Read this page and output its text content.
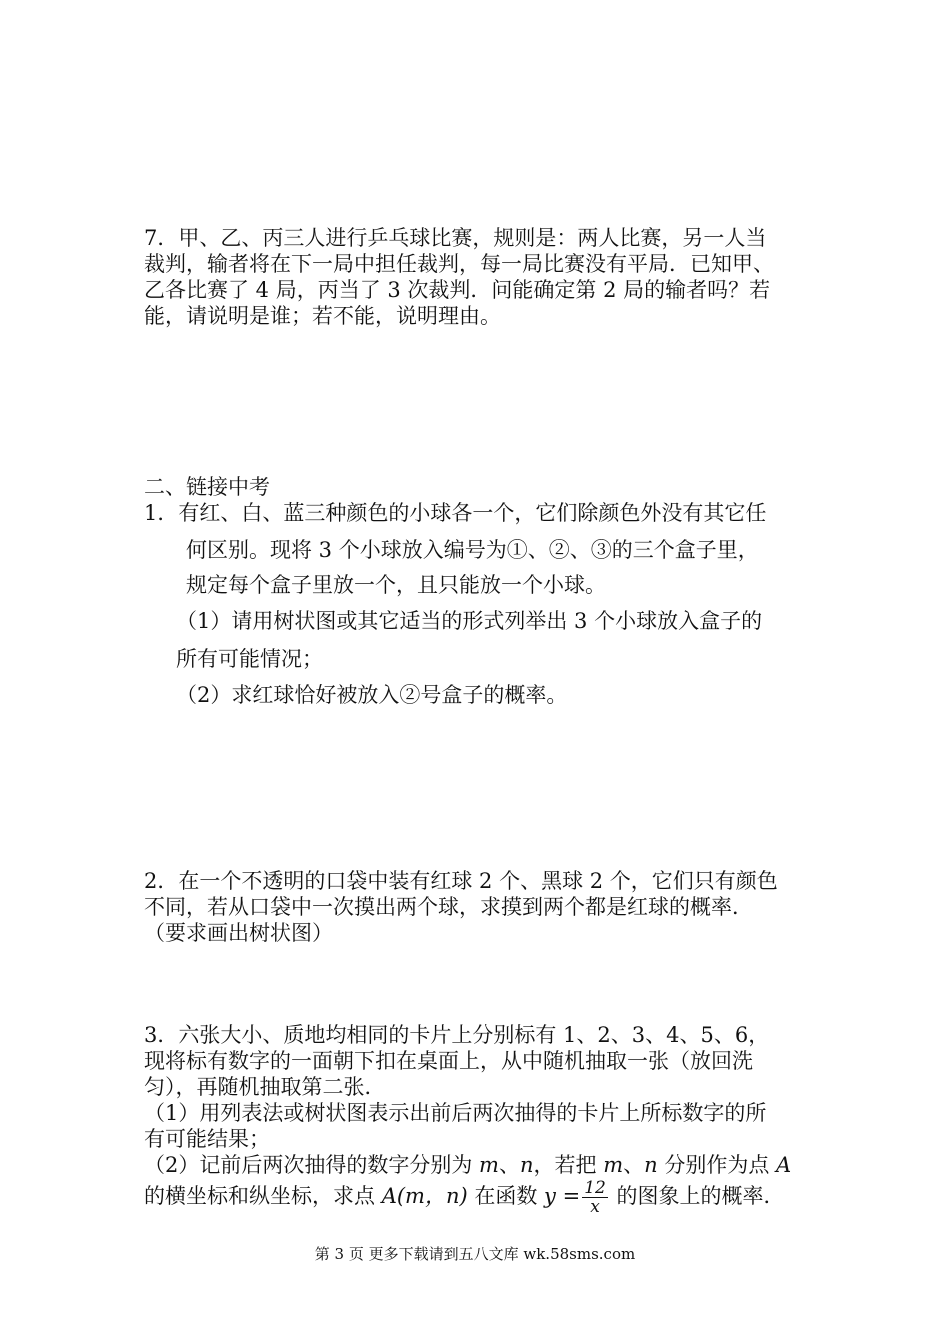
7．甲、乙、丙三人进行乒乓球比赛，规则是：两人比赛，另一人当
裁判，输者将在下一局中担任裁判，每一局比赛没有平局．已知甲、
乙各比赛了 4 局，丙当了 3 次裁判．问能确定第 2 局的输者吗？若
能，请说明是谁；若不能，说明理由。
二、链接中考
1．有红、白、蓝三种颜色的小球各一个，它们除颜色外没有其它任
何区别。现将 3 个小球放入编号为①、②、③的三个盒子里，
规定每个盒子里放一个，且只能放一个小球。
（1）请用树状图或其它适当的形式列举出 3 个小球放入盒子的
所有可能情况；
（2）求红球恰好被放入②号盒子的概率。
2．在一个不透明的口袋中装有红球 2 个、黑球 2 个，它们只有颜色
不同，若从口袋中一次摸出两个球，求摸到两个都是红球的概率．
（要求画出树状图）
3．六张大小、质地均相同的卡片上分别标有 1、2、3、4、5、6，
现将标有数字的一面朝下扣在桌面上，从中随机抽取一张（放回洗
匀），再随机抽取第二张．
（1）用列表法或树状图表示出前后两次抽得的卡片上所标数字的所
有可能结果；
（2）记前后两次抽得的数字分别为 m、n，若把 m、n 分别作为点 A
的横坐标和纵坐标，求点 A(m，n) 在函数 $y = \frac{12}{x}$ 的图象上的概率．
第 3 页 更多下载请到五八文库 wk.58sms.com
